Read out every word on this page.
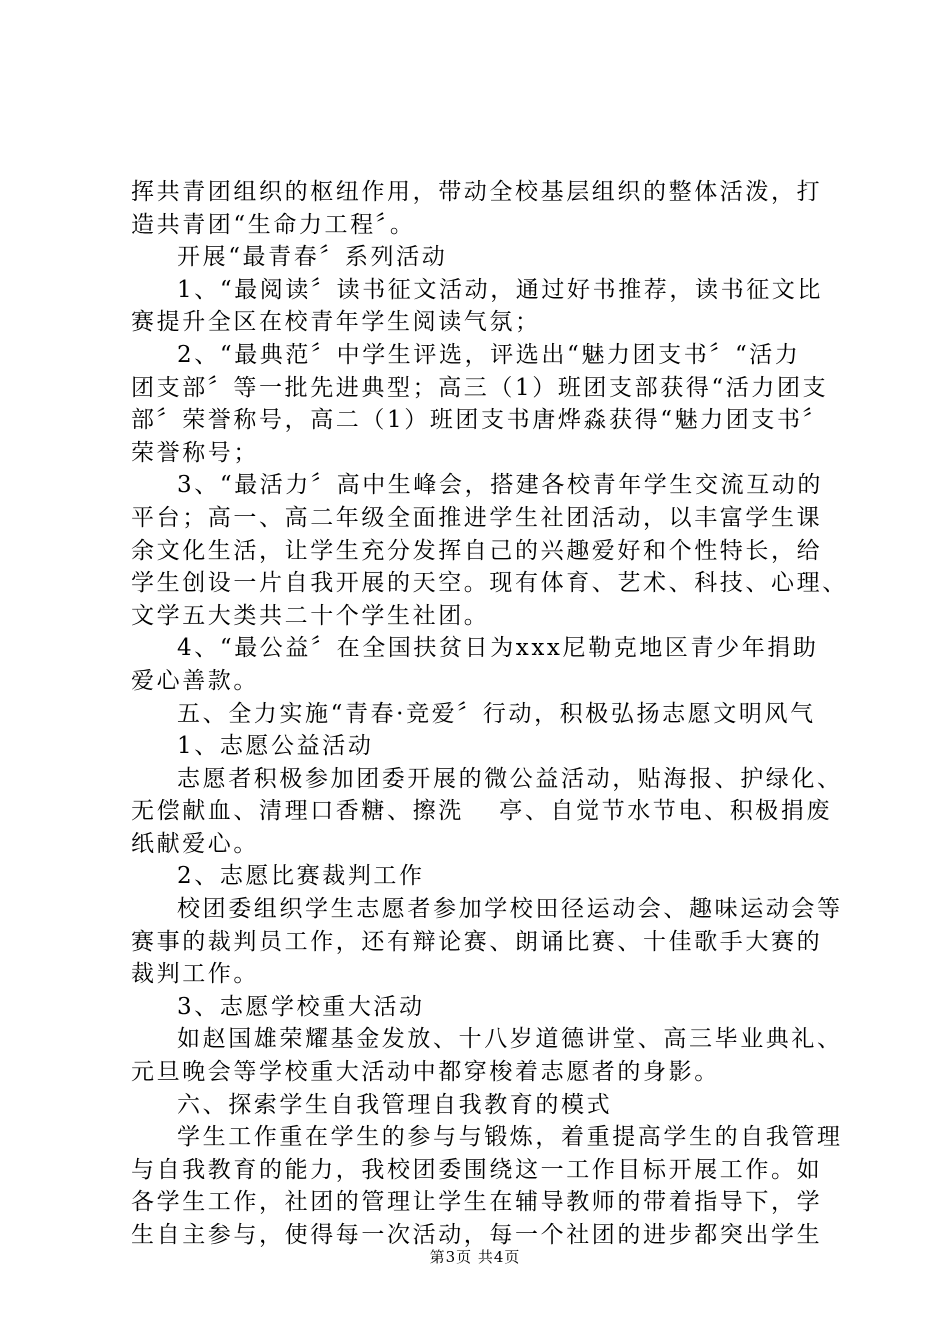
挥共青团组织的枢纽作用，带动全校基层组织的整体活泼，打
造共青团“生命力工程〞。
开展“最青春〞系列活动
1、“最阅读〞读书征文活动，通过好书推荐，读书征文比
赛提升全区在校青年学生阅读气氛；
2、“最典范〞中学生评选，评选出“魅力团支书〞“活力
团支部〞等一批先进典型；高三（1）班团支部获得“活力团支
部〞荣誉称号，高二（1）班团支书唐烨淼获得“魅力团支书〞
荣誉称号；
3、“最活力〞高中生峰会，搭建各校青年学生交流互动的
平台；高一、高二年级全面推进学生社团活动，以丰富学生课
余文化生活，让学生充分发挥自己的兴趣爱好和个性特长，给
学生创设一片自我开展的天空。现有体育、艺术、科技、心理、
文学五大类共二十个学生社团。
4、“最公益〞在全国扶贫日为xxx尼勒克地区青少年捐助
爱心善款。
五、全力实施“青春·竞爱〞行动，积极弘扬志愿文明风气
1、志愿公益活动
志愿者积极参加团委开展的微公益活动，贴海报、护绿化、
无偿献血、清理口香糖、擦洗　 亭、自觉节水节电、积极捐废
纸献爱心。
2、志愿比赛裁判工作
校团委组织学生志愿者参加学校田径运动会、趣味运动会等
赛事的裁判员工作，还有辩论赛、朗诵比赛、十佳歌手大赛的
裁判工作。
3、志愿学校重大活动
如赵国雄荣耀基金发放、十八岁道德讲堂、高三毕业典礼、
元旦晚会等学校重大活动中都穿梭着志愿者的身影。
六、探索学生自我管理自我教育的模式
学生工作重在学生的参与与锻炼，着重提高学生的自我管理
与自我教育的能力，我校团委围绕这一工作目标开展工作。如
各学生工作，社团的管理让学生在辅导教师的带着指导下，学
生自主参与，使得每一次活动，每一个社团的进步都突出学生
第3页 共4页
